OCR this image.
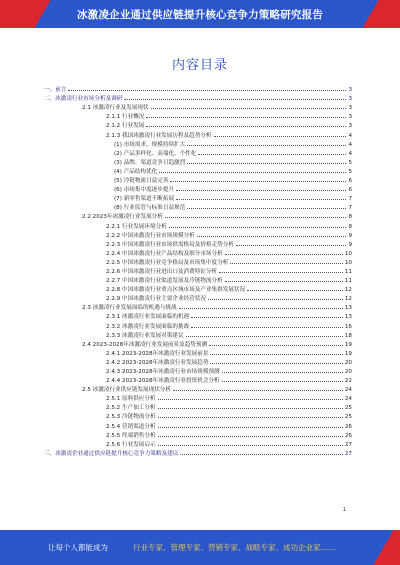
冰激凌企业通过供应链提升核心竞争力策略研究报告
内容目录
一、前言	3
二、冰激凌行业市场分析及调研	3
2.1 冰激凌行业及发展现状	3
2.1.1 行业概况	3
2.1.2 行业发展	3
2.1.3 我国冰激凌行业发展历程及趋势分析	4
(1) 市场需求、规模持续扩大	4
(2) 产品多样化、高端化、个性化	4
(3) 品牌、渠道竞争日趋激烈	5
(4) 产品结构优化	5
(5) 冷链物流日益完善	6
(6) 市场集中度逐步提升	6
(7) 新零售渠道不断拓展	7
(8) 行业监管与标准日益规范	7
2.2 2023年冰激凌行业发展分析	8
2.2.1 行业发展环境分析	8
2.2.2 中国冰激凌行业市场规模分析	9
2.2.3 中国冰激凌行业市场供需格局及价格走势分析	9
2.2.4 中国冰激凌行业产品结构及细分市场分析	10
2.2.5 中国冰激凌行业竞争格局及市场集中度分析	10
2.2.6 中国冰激凌行业进出口及消费特征分析	11
2.2.7 中国冰激凌行业渠道发展及冷链物流分析	11
2.2.8 中国冰激凌行业重点区域市场及产业集群发展状况	12
2.2.9 中国冰激凌行业主要企业经营状况	12
2.3 冰激凌行业发展面临的机遇与挑战	13
2.3.1 冰激凌行业发展面临的机遇	13
2.3.2 冰激凌行业发展面临的挑战	16
2.3.3 冰激凌行业发展对策建议	18
2.4 2023-2028年冰激凌行业发展前景及趋势预测	19
2.4.1 2023-2028年冰激凌行业发展前景	19
2.4.2 2023-2028年冰激凌行业发展趋势	20
2.4.3 2023-2028年冰激凌行业市场规模预测	20
2.4.4 2023-2028年冰激凌行业投资机会分析	22
2.5 冰激凌行业供应链发展现状分析	24
2.5.1 原料供应分析	24
2.5.2 生产加工分析	25
2.5.3 冷链物流分析	25
2.5.4 营销渠道分析	26
2.5.5 终端销售分析	26
2.5.6 行业发展启示	27
三、冰激凌企业通过供应链提升核心竞争力策略及建议	27
1
让每个人都能成为	行业专家、管理专家、营销专家、战略专家、成功企业家……
